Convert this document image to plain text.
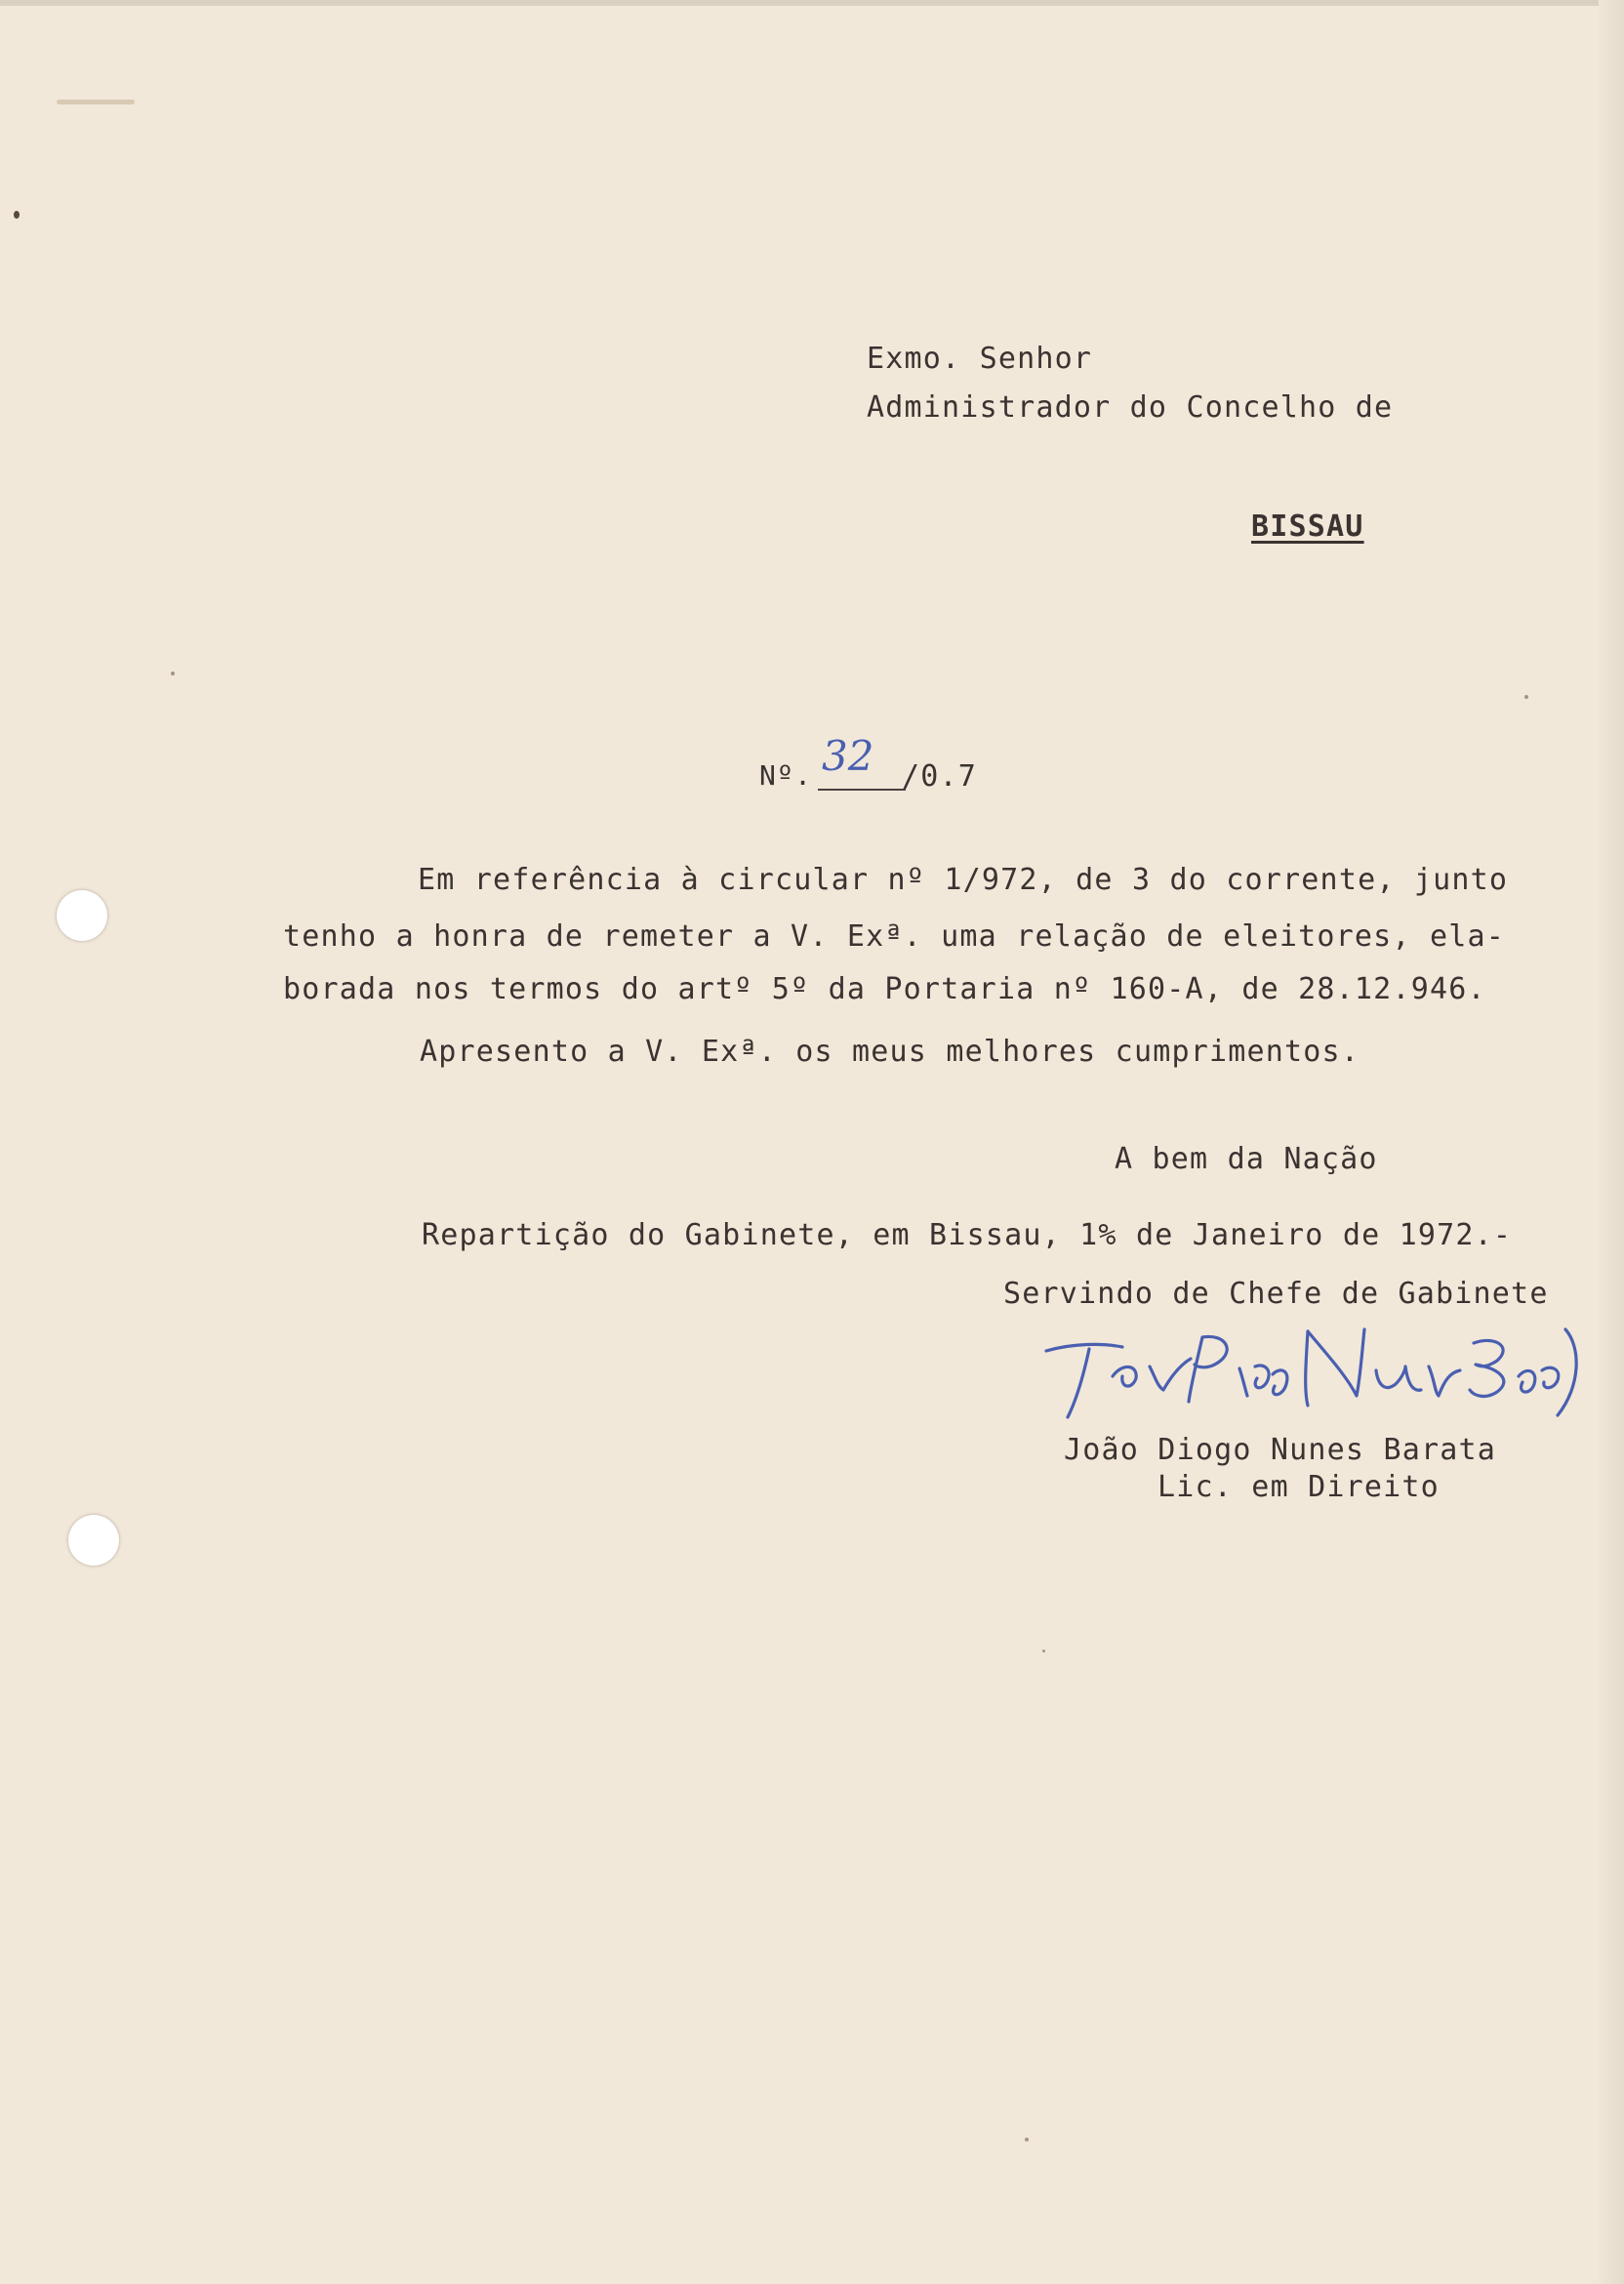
Exmo. Senhor
Administrador do Concelho de
BISSAU
Nº. 32 /0.7
Em referência à circular nº 1/972, de 3 do corrente, junto
tenho a honra de remeter a V. Exª. uma relação de eleitores, ela-
borada nos termos do artº 5º da Portaria nº 160-A, de 28.12.946.
Apresento a V. Exª. os meus melhores cumprimentos.
A bem da Nação
Repartição do Gabinete, em Bissau, 1% de Janeiro de 1972.-
Servindo de Chefe de Gabinete
João Diogo Nunes Barata
Lic. em Direito
